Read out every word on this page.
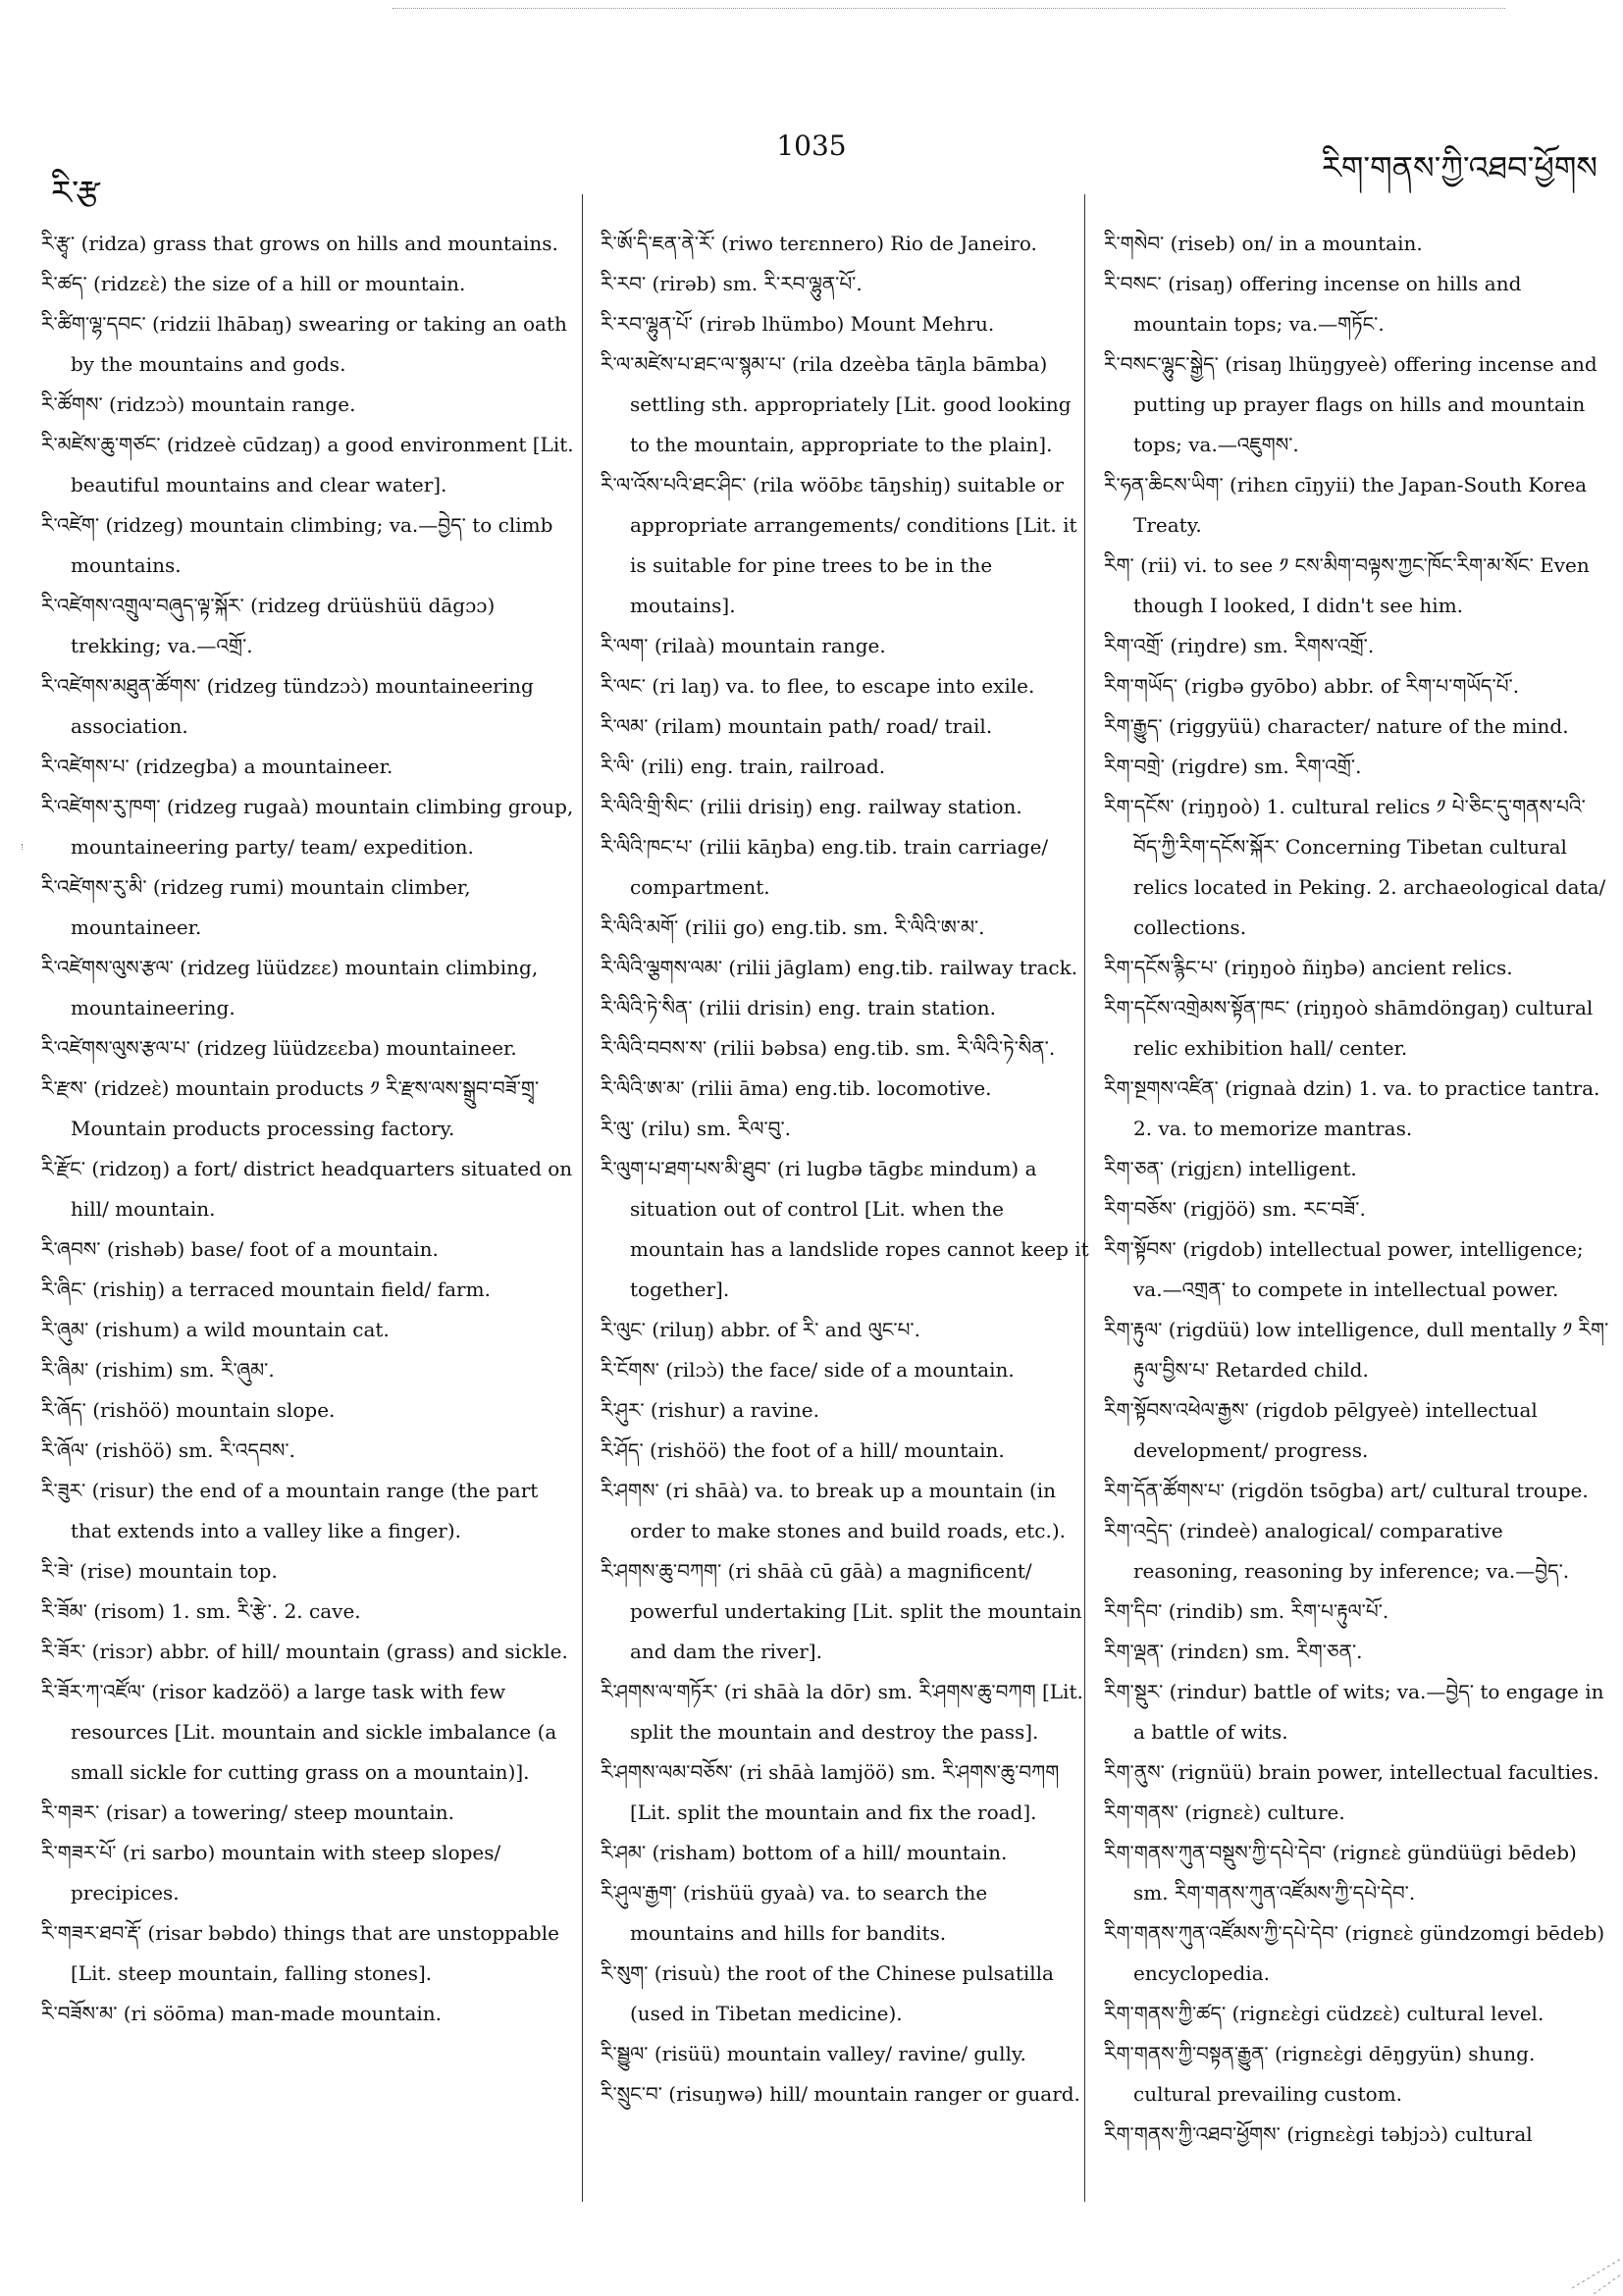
རི་རྩ
1035
རིག་གནས་ཀྱི་འཐབ་ཕྱོགས

རི་རྩྭ་ (ridza) grass that grows on hills and mountains.

རི་ཚད་ (ridzɛɛ̀) the size of a hill or mountain.

རི་ཚིག་ལྷ་དབང་ (ridzii lhābaŋ) swearing or taking an oath by the mountains and gods.

རི་ཚོགས་ (ridzɔɔ̀) mountain range.

རི་མཛེས་ཆུ་གཙང་ (ridzeè cūdzaŋ) a good environment [Lit. beautiful mountains and clear water].

རི་འཛེག་ (ridzeg) mountain climbing; va.—བྱེད་ to climb mountains.

རི་འཛེགས་འགྲུལ་བཞུད་ལྟ་སྐོར་ (ridzeg drüüshüü dāgɔɔ) trekking; va.—འགྲོ་.

རི་འཛེགས་མཐུན་ཚོགས་ (ridzeg tündzɔɔ̀) mountaineering association.

རི་འཛེགས་པ་ (ridzegba) a mountaineer.

རི་འཛེགས་རུ་ཁག་ (ridzeg rugaà) mountain climbing group, mountaineering party/ team/ expedition.

རི་འཛེགས་རུ་མི་ (ridzeg rumi) mountain climber, mountaineer.

རི་འཛེགས་ལུས་རྩལ་ (ridzeg lüüdzɛɛ) mountain climbing, mountaineering.

རི་འཛེགས་ལུས་རྩལ་པ་ (ridzeg lüüdzɛɛba) mountaineer.

རི་རྫས་ (ridzeɛ̀) mountain products ༡ རི་རྫས་ལས་སྒྲུབ་བཟོ་གྲྭ་ Mountain products processing factory.

རི་རྫོང་ (ridzoŋ) a fort/ district headquarters situated on hill/ mountain.

རི་ཞབས་ (rishəb) base/ foot of a mountain.

རི་ཞིང་ (rishiŋ) a terraced mountain field/ farm.

རི་ཞུམ་ (rishum) a wild mountain cat.

རི་ཞིམ་ (rishim) sm. རི་ཞུམ་.

རི་ཞོད་ (rishöö) mountain slope.

རི་ཞོལ་ (rishöö) sm. རི་འདབས་.

རི་ཟུར་ (risur) the end of a mountain range (the part that extends into a valley like a finger).

རི་ཟེ་ (rise) mountain top.

རི་ཟོམ་ (risom) 1. sm. རི་རྩེ་. 2. cave.

རི་ཟོར་ (risɔr) abbr. of hill/ mountain (grass) and sickle.

རི་ཟོར་ཀ་འཛོལ་ (risor kadzöö) a large task with few resources [Lit. mountain and sickle imbalance (a small sickle for cutting grass on a mountain)].

རི་གཟར་ (risar) a towering/ steep mountain.

རི་གཟར་པོ་ (ri sarbo) mountain with steep slopes/ precipices.

རི་གཟར་ཐབ་རྡོ་ (risar bəbdo) things that are unstoppable [Lit. steep mountain, falling stones].

རི་བཟོས་མ་ (ri söōma) man-made mountain.

རི་ཨོ་དི་ཇན་ནེ་རོ་ (riwo terɛnnero) Rio de Janeiro.

རི་རབ་ (rirəb) sm. རི་རབ་ལྷུན་པོ་.

རི་རབ་ལྷུན་པོ་ (rirəb lhümbo) Mount Mehru.

རི་ལ་མཛེས་པ་ཐང་ལ་སྙམ་པ་ (rila dzeèba tāŋla bāmba) settling sth. appropriately [Lit. good looking to the mountain, appropriate to the plain].

རི་ལ་འོས་པའི་ཐང་ཤིང་ (rila wöōbɛ tāŋshiŋ) suitable or appropriate arrangements/ conditions [Lit. it is suitable for pine trees to be in the moutains].

རི་ལག་ (rilaà) mountain range.

རི་ལང་ (ri laŋ) va. to flee, to escape into exile.

རི་ལམ་ (rilam) mountain path/ road/ trail.

རི་ལི་ (rili) eng. train, railroad.

རི་ལིའི་གྲི་སིང་ (rilii drisiŋ) eng. railway station.

རི་ལིའི་ཁང་པ་ (rilii kāŋba) eng.tib. train carriage/ compartment.

རི་ལིའི་མགོ་ (rilii go) eng.tib. sm. རི་ལིའི་ཨ་མ་.

རི་ལིའི་ལྕགས་ལམ་ (rilii jāglam) eng.tib. railway track.

རི་ལིའི་ཏེ་སིན་ (rilii drisin) eng. train station.

རི་ལིའི་བབས་ས་ (rilii bəbsa) eng.tib. sm. རི་ལིའི་ཏེ་སིན་.

རི་ལིའི་ཨ་མ་ (rilii āma) eng.tib. locomotive.

རི་ལུ་ (rilu) sm. རིལ་བུ་.

རི་ལུག་པ་ཐག་པས་མི་ཐུབ་ (ri lugbə tāgbɛ mindum) a situation out of control [Lit. when the mountain has a landslide ropes cannot keep it together].

རི་ལུང་ (riluŋ) abbr. of རི་ and ལུང་པ་.

རི་ངོགས་ (rilɔɔ̀) the face/ side of a mountain.

རི་ཤུར་ (rishur) a ravine.

རི་ཤོད་ (rishöö) the foot of a hill/ mountain.

རི་ཤགས་ (ri shāà) va. to break up a mountain (in order to make stones and build roads, etc.).

རི་ཤགས་ཆུ་བཀག་ (ri shāà cū gāà) a magnificent/ powerful undertaking [Lit. split the mountain and dam the river].

རི་ཤགས་ལ་གཏོར་ (ri shāà la dōr) sm. རི་ཤགས་ཆུ་བཀག [Lit. split the mountain and destroy the pass].

རི་ཤགས་ལམ་བཅོས་ (ri shāà lamjöö) sm. རི་ཤགས་ཆུ་བཀག [Lit. split the mountain and fix the road].

རི་ཤམ་ (risham) bottom of a hill/ mountain.

རི་ཤུལ་རྒྱག་ (rishüü gyaà) va. to search the mountains and hills for bandits.

རི་སུག་ (risuù) the root of the Chinese pulsatilla (used in Tibetan medicine).

རི་སྦྱུལ་ (risüü) mountain valley/ ravine/ gully.

རི་སྲུང་བ་ (risuŋwə) hill/ mountain ranger or guard.

རི་གསེབ་ (riseb) on/ in a mountain.

རི་བསང་ (risaŋ) offering incense on hills and mountain tops; va.—གཏོང་.

རི་བསང་ལྷུང་སྒྱེད་ (risaŋ lhüŋgyeè) offering incense and putting up prayer flags on hills and mountain tops; va.—འཇུགས་.

རི་ཧན་ཆིངས་ཡིག་ (rihɛn cīŋyii) the Japan-South Korea Treaty.

རིག་ (rii) vi. to see ༡ ངས་མིག་བལྟས་ཀྱང་ཁོང་རིག་མ་སོང་ Even though I looked, I didn't see him.

རིག་འགྲོ་ (riŋdre) sm. རིགས་འགྲོ་.

རིག་གཡོད་ (rigbə gyōbo) abbr. of རིག་པ་གཡོད་པོ་.

རིག་རྒྱུད་ (riggyüü) character/ nature of the mind.

རིག་བགྲེ་ (rigdre) sm. རིག་འགྲོ་.

རིག་དངོས་ (riŋŋoò) 1. cultural relics ༡ པེ་ཅིང་དུ་གནས་པའི་བོད་ཀྱི་རིག་དངོས་སྐོར་ Concerning Tibetan cultural relics located in Peking. 2. archaeological data/ collections.

རིག་དངོས་རྙིང་པ་ (riŋŋoò ñiŋbə) ancient relics.

རིག་དངོས་འགྲེམས་སྟོན་ཁང་ (riŋŋoò shāmdöngaŋ) cultural relic exhibition hall/ center.

རིག་སྔགས་འཛིན་ (rignaà dzin) 1. va. to practice tantra. 2. va. to memorize mantras.

རིག་ཅན་ (rigjɛn) intelligent.

རིག་བཅོས་ (rigjöö) sm. རང་བཟོ་.

རིག་སྟོབས་ (rigdob) intellectual power, intelligence; va.—འགྲན་ to compete in intellectual power.

རིག་རྟུལ་ (rigdüü) low intelligence, dull mentally ༡ རིག་རྟུལ་བྱིས་པ་ Retarded child.

རིག་སྟོབས་འཕེལ་རྒྱས་ (rigdob pēlgyeè) intellectual development/ progress.

རིག་དོན་ཚོགས་པ་ (rigdön tsōgba) art/ cultural troupe.

རིག་འདྲེད་ (rindeè) analogical/ comparative reasoning, reasoning by inference; va.—བྱེད་.

རིག་དིབ་ (rindib) sm. རིག་པ་རྟུལ་པོ་.

རིག་ལྡན་ (rindɛn) sm. རིག་ཅན་.

རིག་སྡུར་ (rindur) battle of wits; va.—བྱེད་ to engage in a battle of wits.

རིག་ནུས་ (rignüü) brain power, intellectual faculties.

རིག་གནས་ (rignɛɛ̀) culture.

རིག་གནས་ཀུན་བསྡུས་ཀྱི་དཔེ་དེབ་ (rignɛɛ̀ gündüügi bēdeb) sm. རིག་གནས་ཀུན་འཛོམས་ཀྱི་དཔེ་དེབ་.

རིག་གནས་ཀུན་འཛོམས་ཀྱི་དཔེ་དེབ་ (rignɛɛ̀ gündzomgi bēdeb) encyclopedia.

རིག་གནས་ཀྱི་ཚད་ (rignɛɛ̀gi cüdzɛɛ̀) cultural level.

རིག་གནས་ཀྱི་བསྟན་རྒྱུན་ (rignɛɛ̀gi dēŋgyün) shung. cultural prevailing custom.

རིག་གནས་ཀྱི་འཐབ་ཕྱོགས་ (rignɛɛ̀gi təbjɔɔ̀) cultural
